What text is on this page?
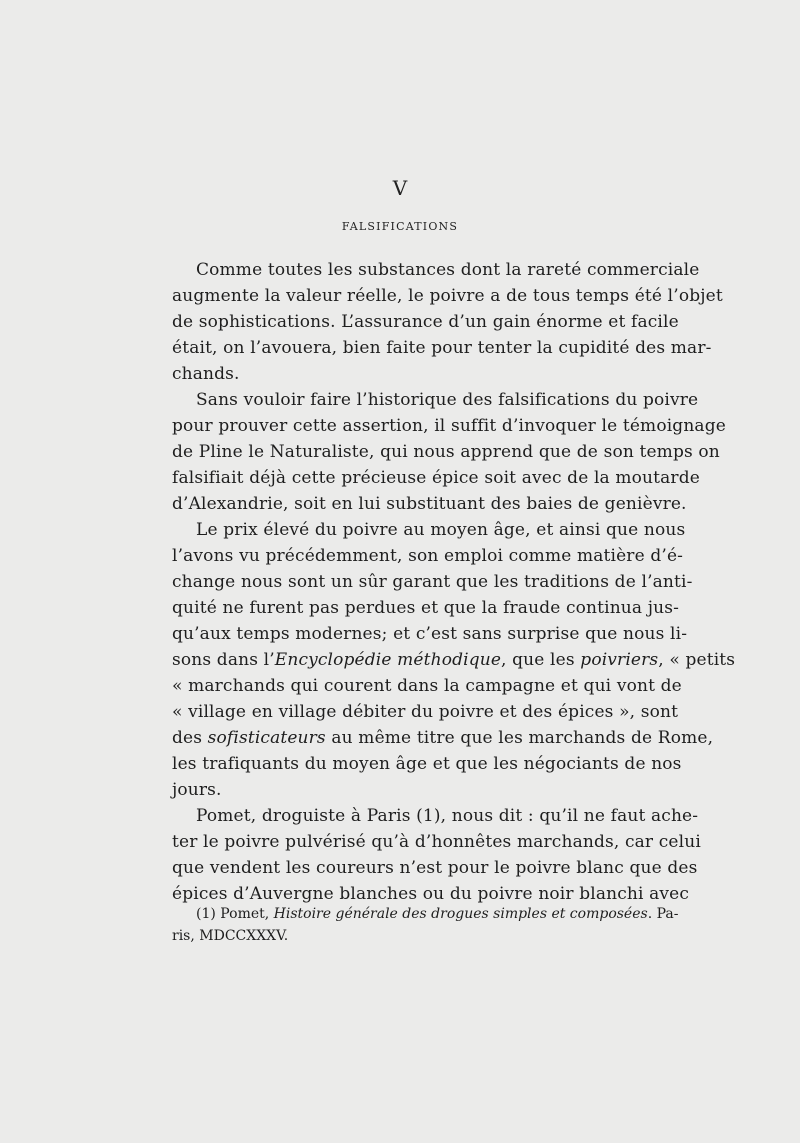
V
FALSIFICATIONS
Comme toutes les substances dont la rareté commerciale
augmente la valeur réelle, le poivre a de tous temps été l’objet
de sophistications. L’assurance d’un gain énorme et facile
était, on l’avouera, bien faite pour tenter la cupidité des mar-
chands.
Sans vouloir faire l’historique des falsifications du poivre
pour prouver cette assertion, il suffit d’invoquer le témoignage
de Pline le Naturaliste, qui nous apprend que de son temps on
falsifiait déjà cette précieuse épice soit avec de la moutarde
d’Alexandrie, soit en lui substituant des baies de genièvre.
Le prix élevé du poivre au moyen âge, et ainsi que nous
l’avons vu précédemment, son emploi comme matière d’é-
change nous sont un sûr garant que les traditions de l’anti-
quité ne furent pas perdues et que la fraude continua jus-
qu’aux temps modernes; et c’est sans surprise que nous li-
sons dans l’Encyclopédie méthodique, que les poivriers, « petits
« marchands qui courent dans la campagne et qui vont de
« village en village débiter du poivre et des épices », sont
des sofisticateurs au même titre que les marchands de Rome,
les trafiquants du moyen âge et que les négociants de nos
jours.
Pomet, droguiste à Paris (1), nous dit : qu’il ne faut ache-
ter le poivre pulvérisé qu’à d’honnêtes marchands, car celui
que vendent les coureurs n’est pour le poivre blanc que des
épices d’Auvergne blanches ou du poivre noir blanchi avec
(1) Pomet, Histoire générale des drogues simples et composées. Pa-
ris, MDCCXXXV.
